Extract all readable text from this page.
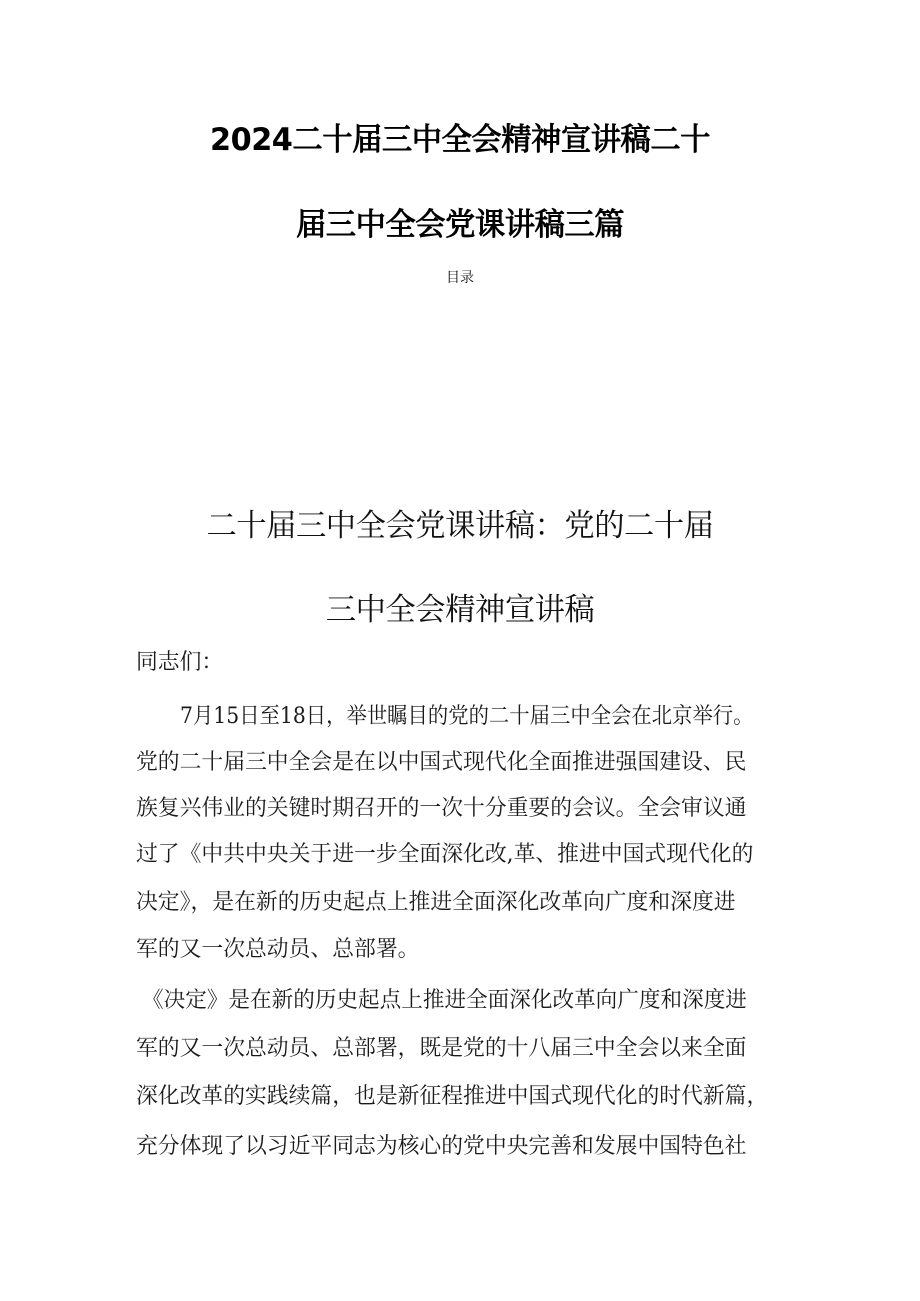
2024二十届三中全会精神宣讲稿二十
届三中全会党课讲稿三篇
目录
二十届三中全会党课讲稿：党的二十届
三中全会精神宣讲稿
同志们：
7月15日至18日，举世瞩目的党的二十届三中全会在北京举行。
党的二十届三中全会是在以中国式现代化全面推进强国建设、民
族复兴伟业的关键时期召开的一次十分重要的会议。全会审议通
过了《中共中央关于进一步全面深化改,革、推进中国式现代化的
决定》，是在新的历史起点上推进全面深化改革向广度和深度进
军的又一次总动员、总部署。
《决定》是在新的历史起点上推进全面深化改革向广度和深度进
军的又一次总动员、总部署，既是党的十八届三中全会以来全面
深化改革的实践续篇，也是新征程推进中国式现代化的时代新篇，
充分体现了以习近平同志为核心的党中央完善和发展中国特色社
